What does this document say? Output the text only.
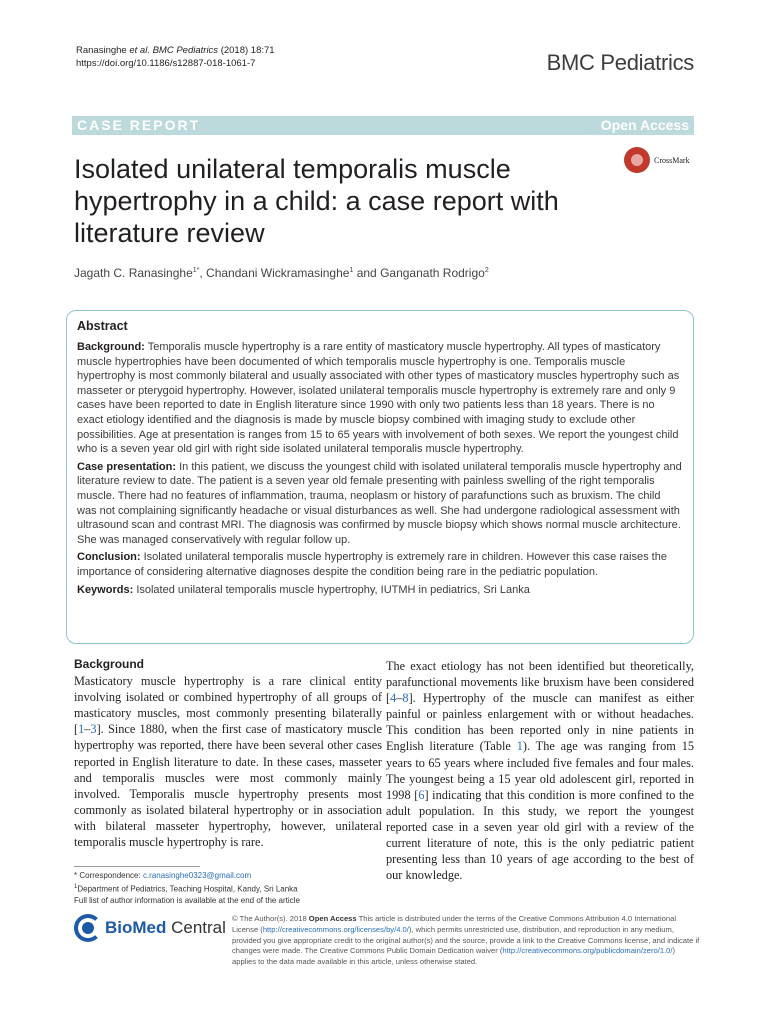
Ranasinghe et al. BMC Pediatrics (2018) 18:71
https://doi.org/10.1186/s12887-018-1061-7	BMC Pediatrics
CASE REPORT	Open Access
Isolated unilateral temporalis muscle hypertrophy in a child: a case report with literature review
CrossMark
Jagath C. Ranasinghe$^{1*}$, Chandani Wickramasinghe$^1$ and Ganganath Rodrigo$^2$
Abstract

Background: Temporalis muscle hypertrophy is a rare entity of masticatory muscle hypertrophy. All types of masticatory muscle hypertrophies have been documented of which temporalis muscle hypertrophy is one. Temporalis muscle hypertrophy is most commonly bilateral and usually associated with other types of masticatory muscles hypertrophy such as masseter or pterygoid hypertrophy. However, isolated unilateral temporalis muscle hypertrophy is extremely rare and only 9 cases have been reported to date in English literature since 1990 with only two patients less than 18 years. There is no exact etiology identified and the diagnosis is made by muscle biopsy combined with imaging study to exclude other possibilities. Age at presentation is ranges from 15 to 65 years with involvement of both sexes. We report the youngest child who is a seven year old girl with right side isolated unilateral temporalis muscle hypertrophy.

Case presentation: In this patient, we discuss the youngest child with isolated unilateral temporalis muscle hypertrophy and literature review to date. The patient is a seven year old female presenting with painless swelling of the right temporalis muscle. There had no features of inflammation, trauma, neoplasm or history of parafunctions such as bruxism. The child was not complaining significantly headache or visual disturbances as well. She had undergone radiological assessment with ultrasound scan and contrast MRI. The diagnosis was confirmed by muscle biopsy which shows normal muscle architecture. She was managed conservatively with regular follow up.

Conclusion: Isolated unilateral temporalis muscle hypertrophy is extremely rare in children. However this case raises the importance of considering alternative diagnoses despite the condition being rare in the pediatric population.

Keywords: Isolated unilateral temporalis muscle hypertrophy, IUTMH in pediatrics, Sri Lanka

Background

Masticatory muscle hypertrophy is a rare clinical entity involving isolated or combined hypertrophy of all groups of masticatory muscles, most commonly presenting bilaterally [1–3]. Since 1880, when the first case of masticatory muscle hypertrophy was reported, there have been several other cases reported in English literature to date. In these cases, masseter and temporalis muscles were most commonly mainly involved. Temporalis muscle hypertrophy presents most commonly as isolated bilateral hypertrophy or in association with bilateral masseter hypertrophy, however, unilateral temporalis muscle hypertrophy is rare.

The exact etiology has not been identified but theoretically, parafunctional movements like bruxism have been considered [4–8]. Hypertrophy of the muscle can manifest as either painful or painless enlargement with or without headaches. This condition has been reported only in nine patients in English literature (Table 1). The age was ranging from 15 years to 65 years where included five females and four males. The youngest being a 15 year old adolescent girl, reported in 1998 [6] indicating that this condition is more confined to the adult population. In this study, we report the youngest reported case in a seven year old girl with a review of the current literature of note, this is the only pediatric patient presenting less than 10 years of age according to the best of our knowledge.

* Correspondence: c.ranasinghe0323@gmail.com
$^1$Department of Pediatrics, Teaching Hospital, Kandy, Sri Lanka
Full list of author information is available at the end of the article
BioMed Central © The Author(s). 2018 Open Access This article is distributed under the terms of the Creative Commons Attribution 4.0 International License (http://creativecommons.org/licenses/by/4.0/), which permits unrestricted use, distribution, and reproduction in any medium, provided you give appropriate credit to the original author(s) and the source, provide a link to the Creative Commons license, and indicate if changes were made. The Creative Commons Public Domain Dedication waiver (http://creativecommons.org/publicdomain/zero/1.0/) applies to the data made available in this article, unless otherwise stated.
